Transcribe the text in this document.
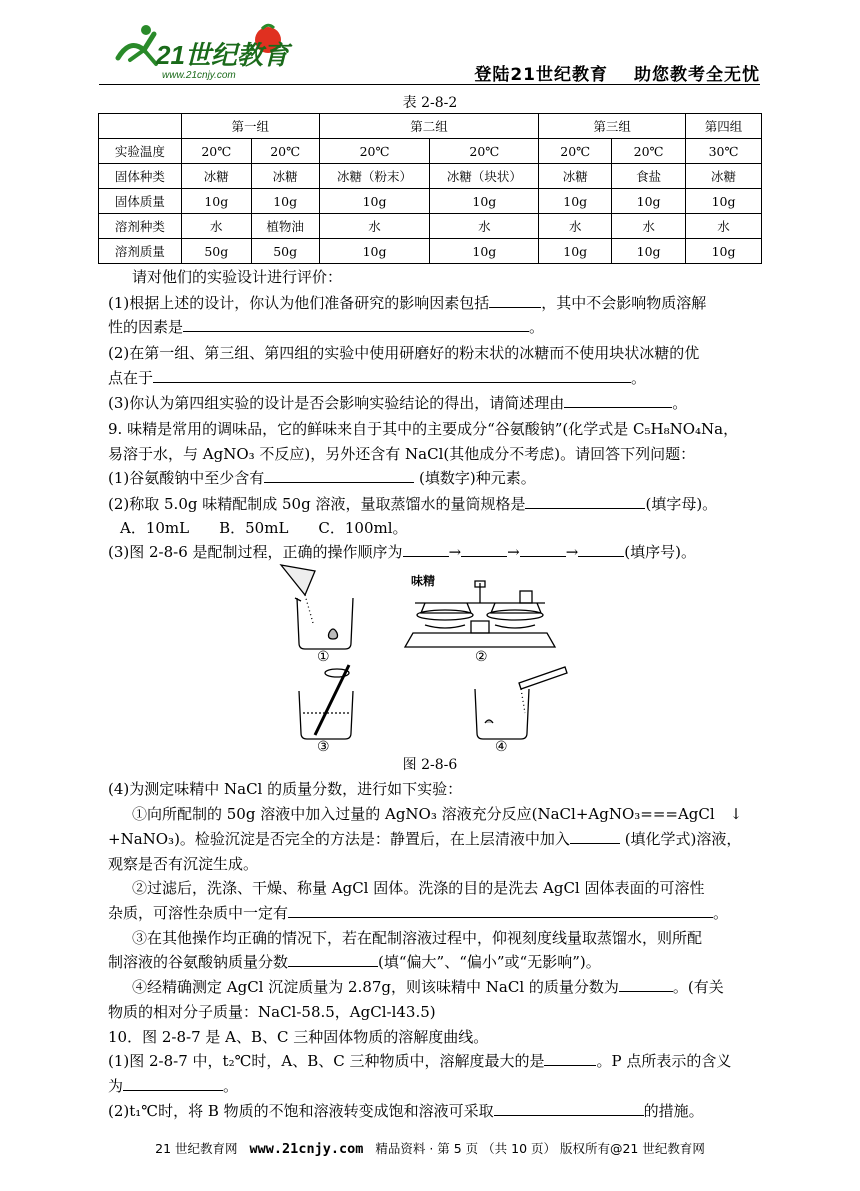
21世纪教育
www.21cnjy.com	登陆21世纪教育 助您教考全无忧
表 2-8-2
	第一组		第二组		第三组		第四组
实验温度	20℃	20℃	20℃	20℃	20℃	20℃	30℃
固体种类	冰糖	冰糖	冰糖（粉末）	冰糖（块状）	冰糖	食盐	冰糖
固体质量	10g	10g	10g	10g	10g	10g	10g
溶剂种类	水	植物油	水	水	水	水	水
溶剂质量	50g	50g	10g	10g	10g	10g	10g
请对他们的实验设计进行评价：
(1)根据上述的设计，你认为他们准备研究的影响因素包括	，其中不会影响物质溶解
性的因素是	。
(2)在第一组、第三组、第四组的实验中使用研磨好的粉末状的冰糖而不使用块状冰糖的优
点在于	。
(3)你认为第四组实验的设计是否会影响实验结论的得出，请简述理由	。
9. 味精是常用的调味品，它的鲜味来自于其中的主要成分“谷氨酸钠”(化学式是 C₅H₈NO₄Na，
易溶于水，与 AgNO₃ 不反应)，另外还含有 NaCl(其他成分不考虑)。请回答下列问题：
(1)谷氨酸钠中至少含有	(填数字)种元素。
(2)称取 5.0g 味精配制成 50g 溶液，量取蒸馏水的量筒规格是	(填字母)。
A．10mL　　B．50mL　　C．100ml。
(3)图 2-8-6 是配制过程，正确的操作顺序为	→	→	→	(填序号)。
味精
①	②
③	④
图 2-8-6
(4)为测定味精中 NaCl 的质量分数，进行如下实验：
①向所配制的 50g 溶液中加入过量的 AgNO₃ 溶液充分反应(NaCl+AgNO₃===AgCl　↓
+NaNO₃)。检验沉淀是否完全的方法是：静置后，在上层清液中加入	(填化学式)溶液，
观察是否有沉淀生成。
②过滤后，洗涤、干燥、称量 AgCl 固体。洗涤的目的是洗去 AgCl 固体表面的可溶性
杂质，可溶性杂质中一定有	。
③在其他操作均正确的情况下，若在配制溶液过程中，仰视刻度线量取蒸馏水，则所配
制溶液的谷氨酸钠质量分数	(填“偏大”、“偏小”或“无影响”)。
④经精确测定 AgCl 沉淀质量为 2.87g，则该味精中 NaCl 的质量分数为	。(有关
物质的相对分子质量：NaCl-58.5，AgCl-l43.5)
10．图 2-8-7 是 A、B、C 三种固体物质的溶解度曲线。
(1)图 2-8-7 中，t₂℃时，A、B、C 三种物质中，溶解度最大的是	。P 点所表示的含义
为	。
(2)t₁℃时，将 B 物质的不饱和溶液转变成饱和溶液可采取	的措施。
21 世纪教育网 www.21cnjy.com 精品资料 · 第 5 页 （共 10 页） 版权所有@21 世纪教育网
